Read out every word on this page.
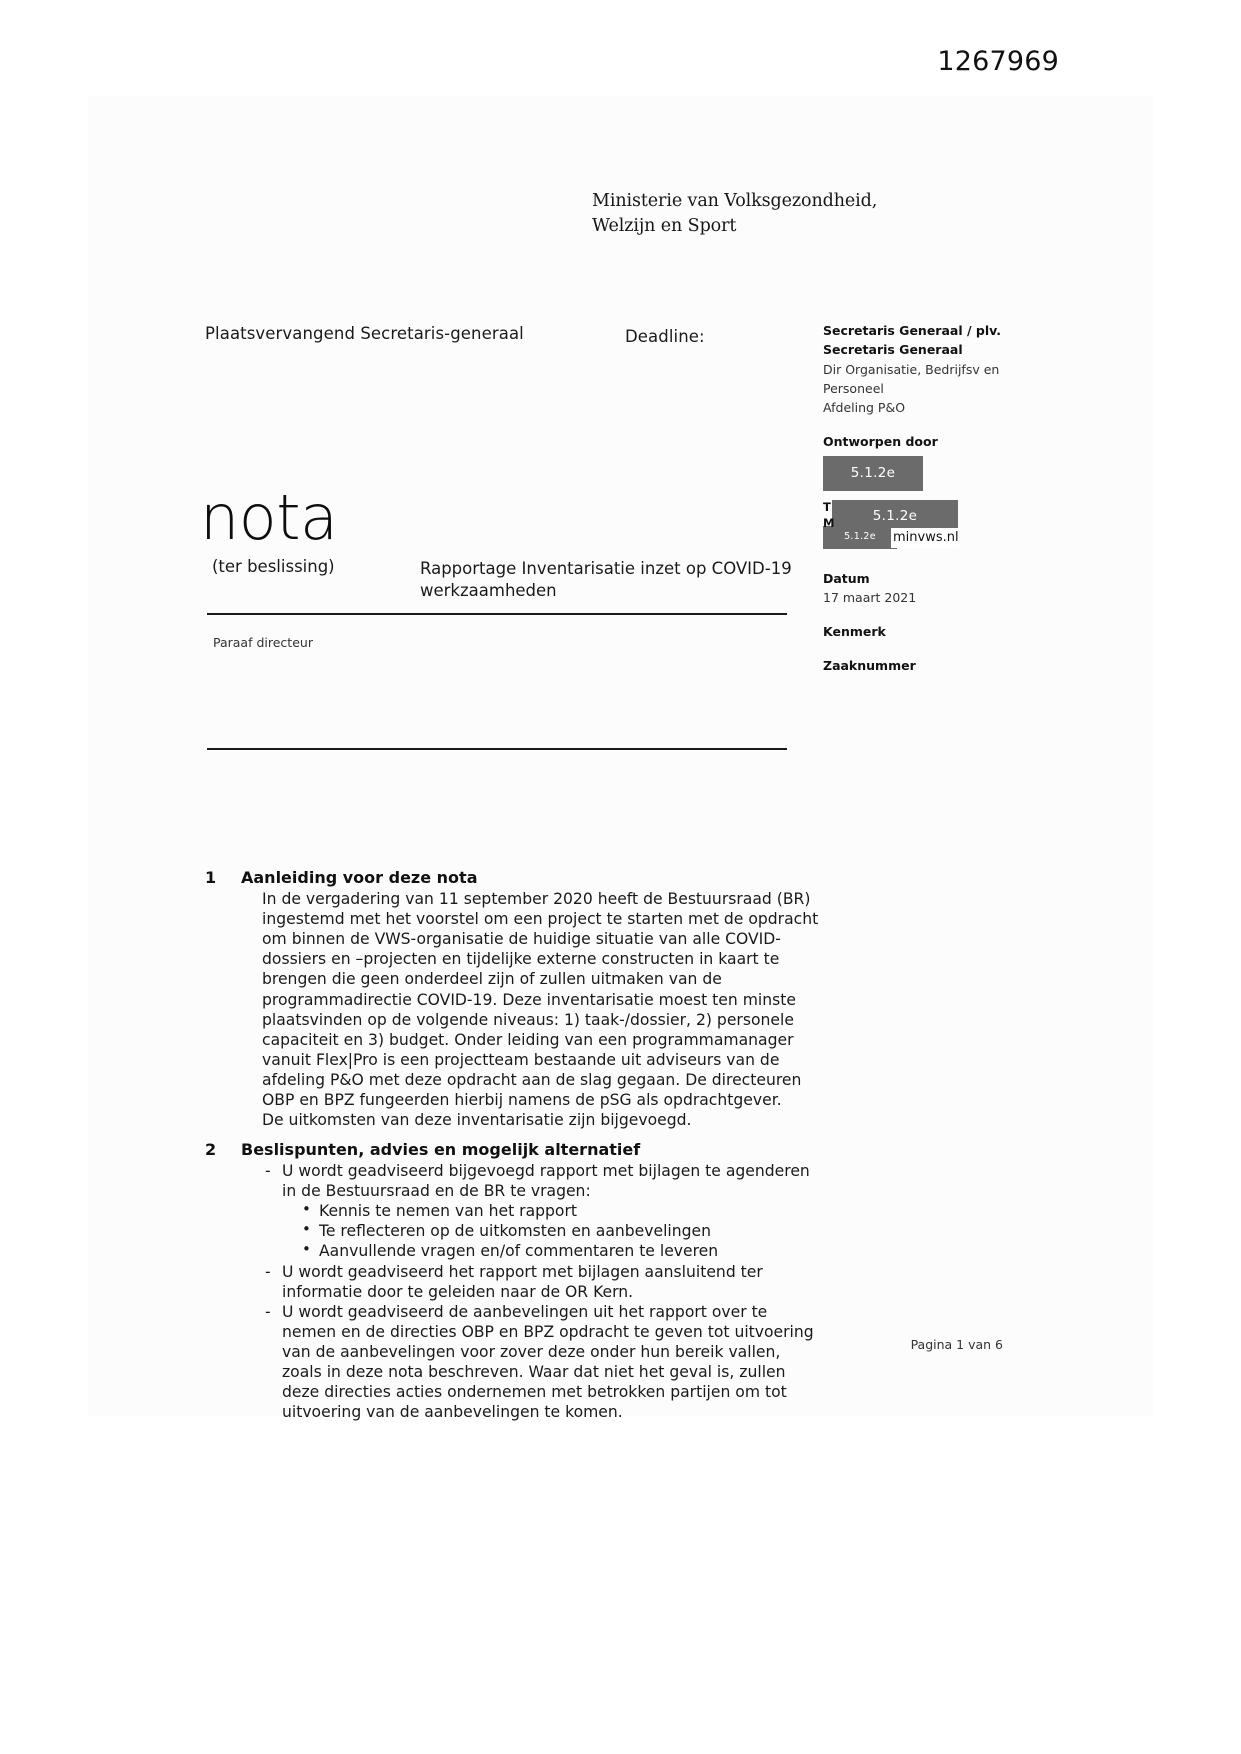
1267969
Ministerie van Volksgezondheid,
Welzijn en Sport
Plaatsvervangend Secretaris-generaal	Deadline:	Secretaris Generaal / plv.
Secretaris Generaal
Dir Organisatie, Bedrijfsv en
Personeel
Afdeling P&O
Ontworpen door
5.1.2e
T
M	5.1.2e
5.1.2e	minvws.nl
Datum
17 maart 2021
Kenmerk
Zaaknummer
nota
(ter beslissing)	Rapportage Inventarisatie inzet op COVID-19 werkzaamheden
Paraaf directeur
1	Aanleiding voor deze nota

In de vergadering van 11 september 2020 heeft de Bestuursraad (BR) ingestemd met het voorstel om een project te starten met de opdracht om binnen de VWS-organisatie de huidige situatie van alle COVID-dossiers en –projecten en tijdelijke externe constructen in kaart te brengen die geen onderdeel zijn of zullen uitmaken van de programmadirectie COVID-19. Deze inventarisatie moest ten minste plaatsvinden op de volgende niveaus: 1) taak-/dossier, 2) personele capaciteit en 3) budget. Onder leiding van een programmamanager vanuit Flex|Pro is een projectteam bestaande uit adviseurs van de afdeling P&O met deze opdracht aan de slag gegaan. De directeuren OBP en BPZ fungeerden hierbij namens de pSG als opdrachtgever.

De uitkomsten van deze inventarisatie zijn bijgevoegd.

2	Beslispunten, advies en mogelijk alternatief
- U wordt geadviseerd bijgevoegd rapport met bijlagen te agenderen in de Bestuursraad en de BR te vragen:
• Kennis te nemen van het rapport
• Te reflecteren op de uitkomsten en aanbevelingen
• Aanvullende vragen en/of commentaren te leveren
- U wordt geadviseerd het rapport met bijlagen aansluitend ter informatie door te geleiden naar de OR Kern.
- U wordt geadviseerd de aanbevelingen uit het rapport over te nemen en de directies OBP en BPZ opdracht te geven tot uitvoering van de aanbevelingen voor zover deze onder hun bereik vallen, zoals in deze nota beschreven. Waar dat niet het geval is, zullen deze directies acties ondernemen met betrokken partijen om tot uitvoering van de aanbevelingen te komen.
Pagina 1 van 6
